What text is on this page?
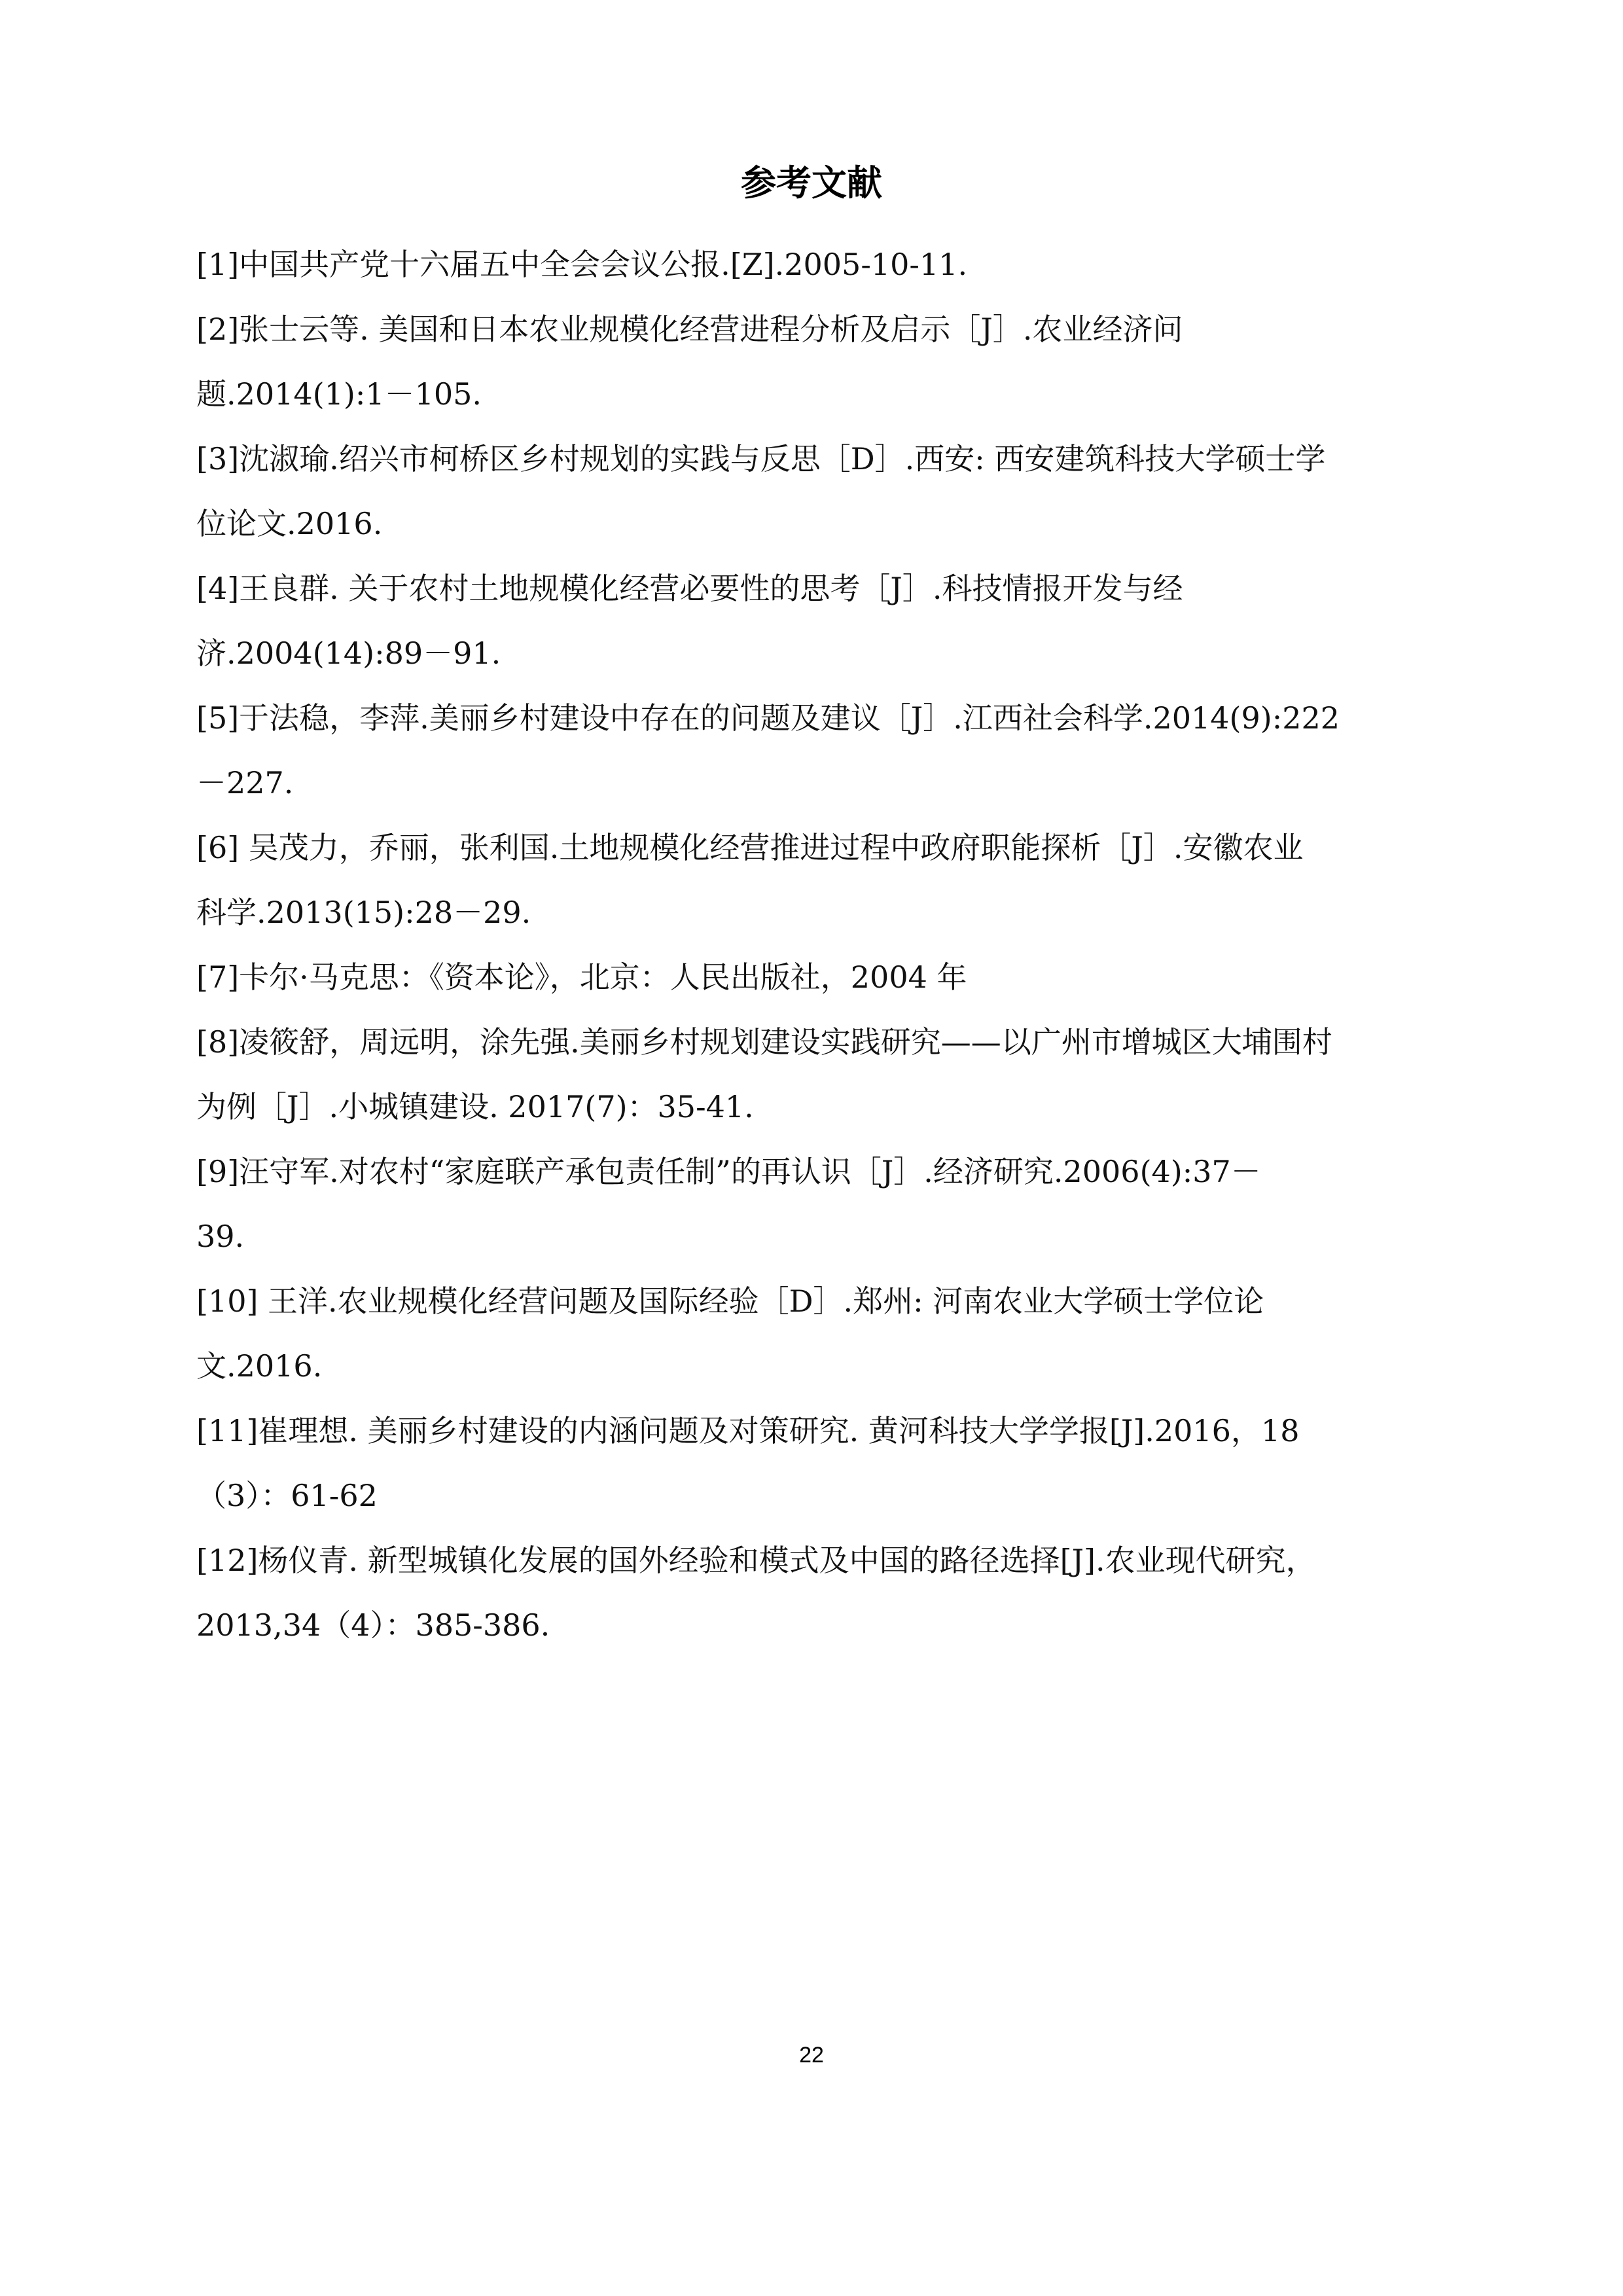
参考文献

[1]中国共产党十六届五中全会会议公报.[Z].2005-10-11.

[2]张士云等. 美国和日本农业规模化经营进程分析及启示［J］.农业经济问

题.2014(1):1－105.

[3]沈淑瑜.绍兴市柯桥区乡村规划的实践与反思［D］.西安: 西安建筑科技大学硕士学

位论文.2016.

[4]王良群. 关于农村土地规模化经营必要性的思考［J］.科技情报开发与经

济.2004(14):89－91.

[5]于法稳，李萍.美丽乡村建设中存在的问题及建议［J］.江西社会科学.2014(9):222

－227.

[6] 吴茂力，乔丽，张利国.土地规模化经营推进过程中政府职能探析［J］.安徽农业

科学.2013(15):28－29.

[7]卡尔·马克思：《资本论》，北京：人民出版社，2004 年

[8]凌筱舒，周远明，涂先强.美丽乡村规划建设实践研究——以广州市增城区大埔围村

为例［J］.小城镇建设. 2017(7)：35-41.

[9]汪守军.对农村“家庭联产承包责任制”的再认识［J］.经济研究.2006(4):37－

39.

[10] 王洋.农业规模化经营问题及国际经验［D］.郑州: 河南农业大学硕士学位论

文.2016.

[11]崔理想. 美丽乡村建设的内涵问题及对策研究. 黄河科技大学学报[J].2016，18

（3）：61-62

[12]杨仪青. 新型城镇化发展的国外经验和模式及中国的路径选择[J].农业现代研究，

2013,34（4）：385-386.

22
